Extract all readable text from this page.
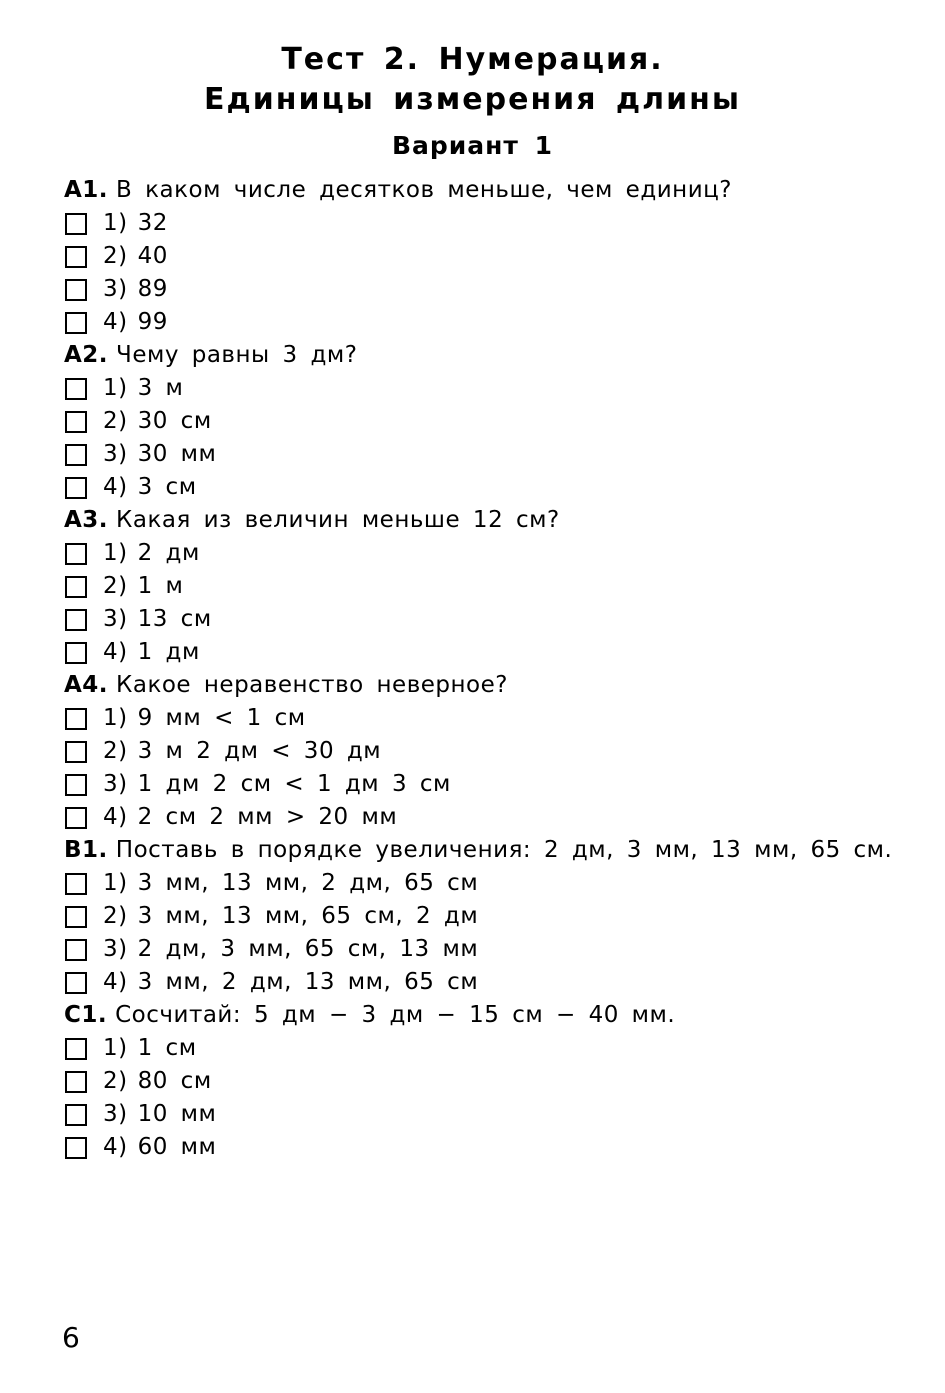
Тест 2. Нумерация.
Единицы измерения длины
Вариант 1
A1. В каком числе десятков меньше, чем единиц?
1) 32
2) 40
3) 89
4) 99
A2. Чему равны 3 дм?
1) 3 м
2) 30 см
3) 30 мм
4) 3 см
A3. Какая из величин меньше 12 см?
1) 2 дм
2) 1 м
3) 13 см
4) 1 дм
A4. Какое неравенство неверное?
1) 9 мм < 1 см
2) 3 м 2 дм < 30 дм
3) 1 дм 2 см < 1 дм 3 см
4) 2 см 2 мм > 20 мм
B1. Поставь в порядке увеличения: 2 дм, 3 мм, 13 мм, 65 см.
1) 3 мм, 13 мм, 2 дм, 65 см
2) 3 мм, 13 мм, 65 см, 2 дм
3) 2 дм, 3 мм, 65 см, 13 мм
4) 3 мм, 2 дм, 13 мм, 65 см
C1. Сосчитай: 5 дм − 3 дм − 15 см − 40 мм.
1) 1 см
2) 80 см
3) 10 мм
4) 60 мм
6
